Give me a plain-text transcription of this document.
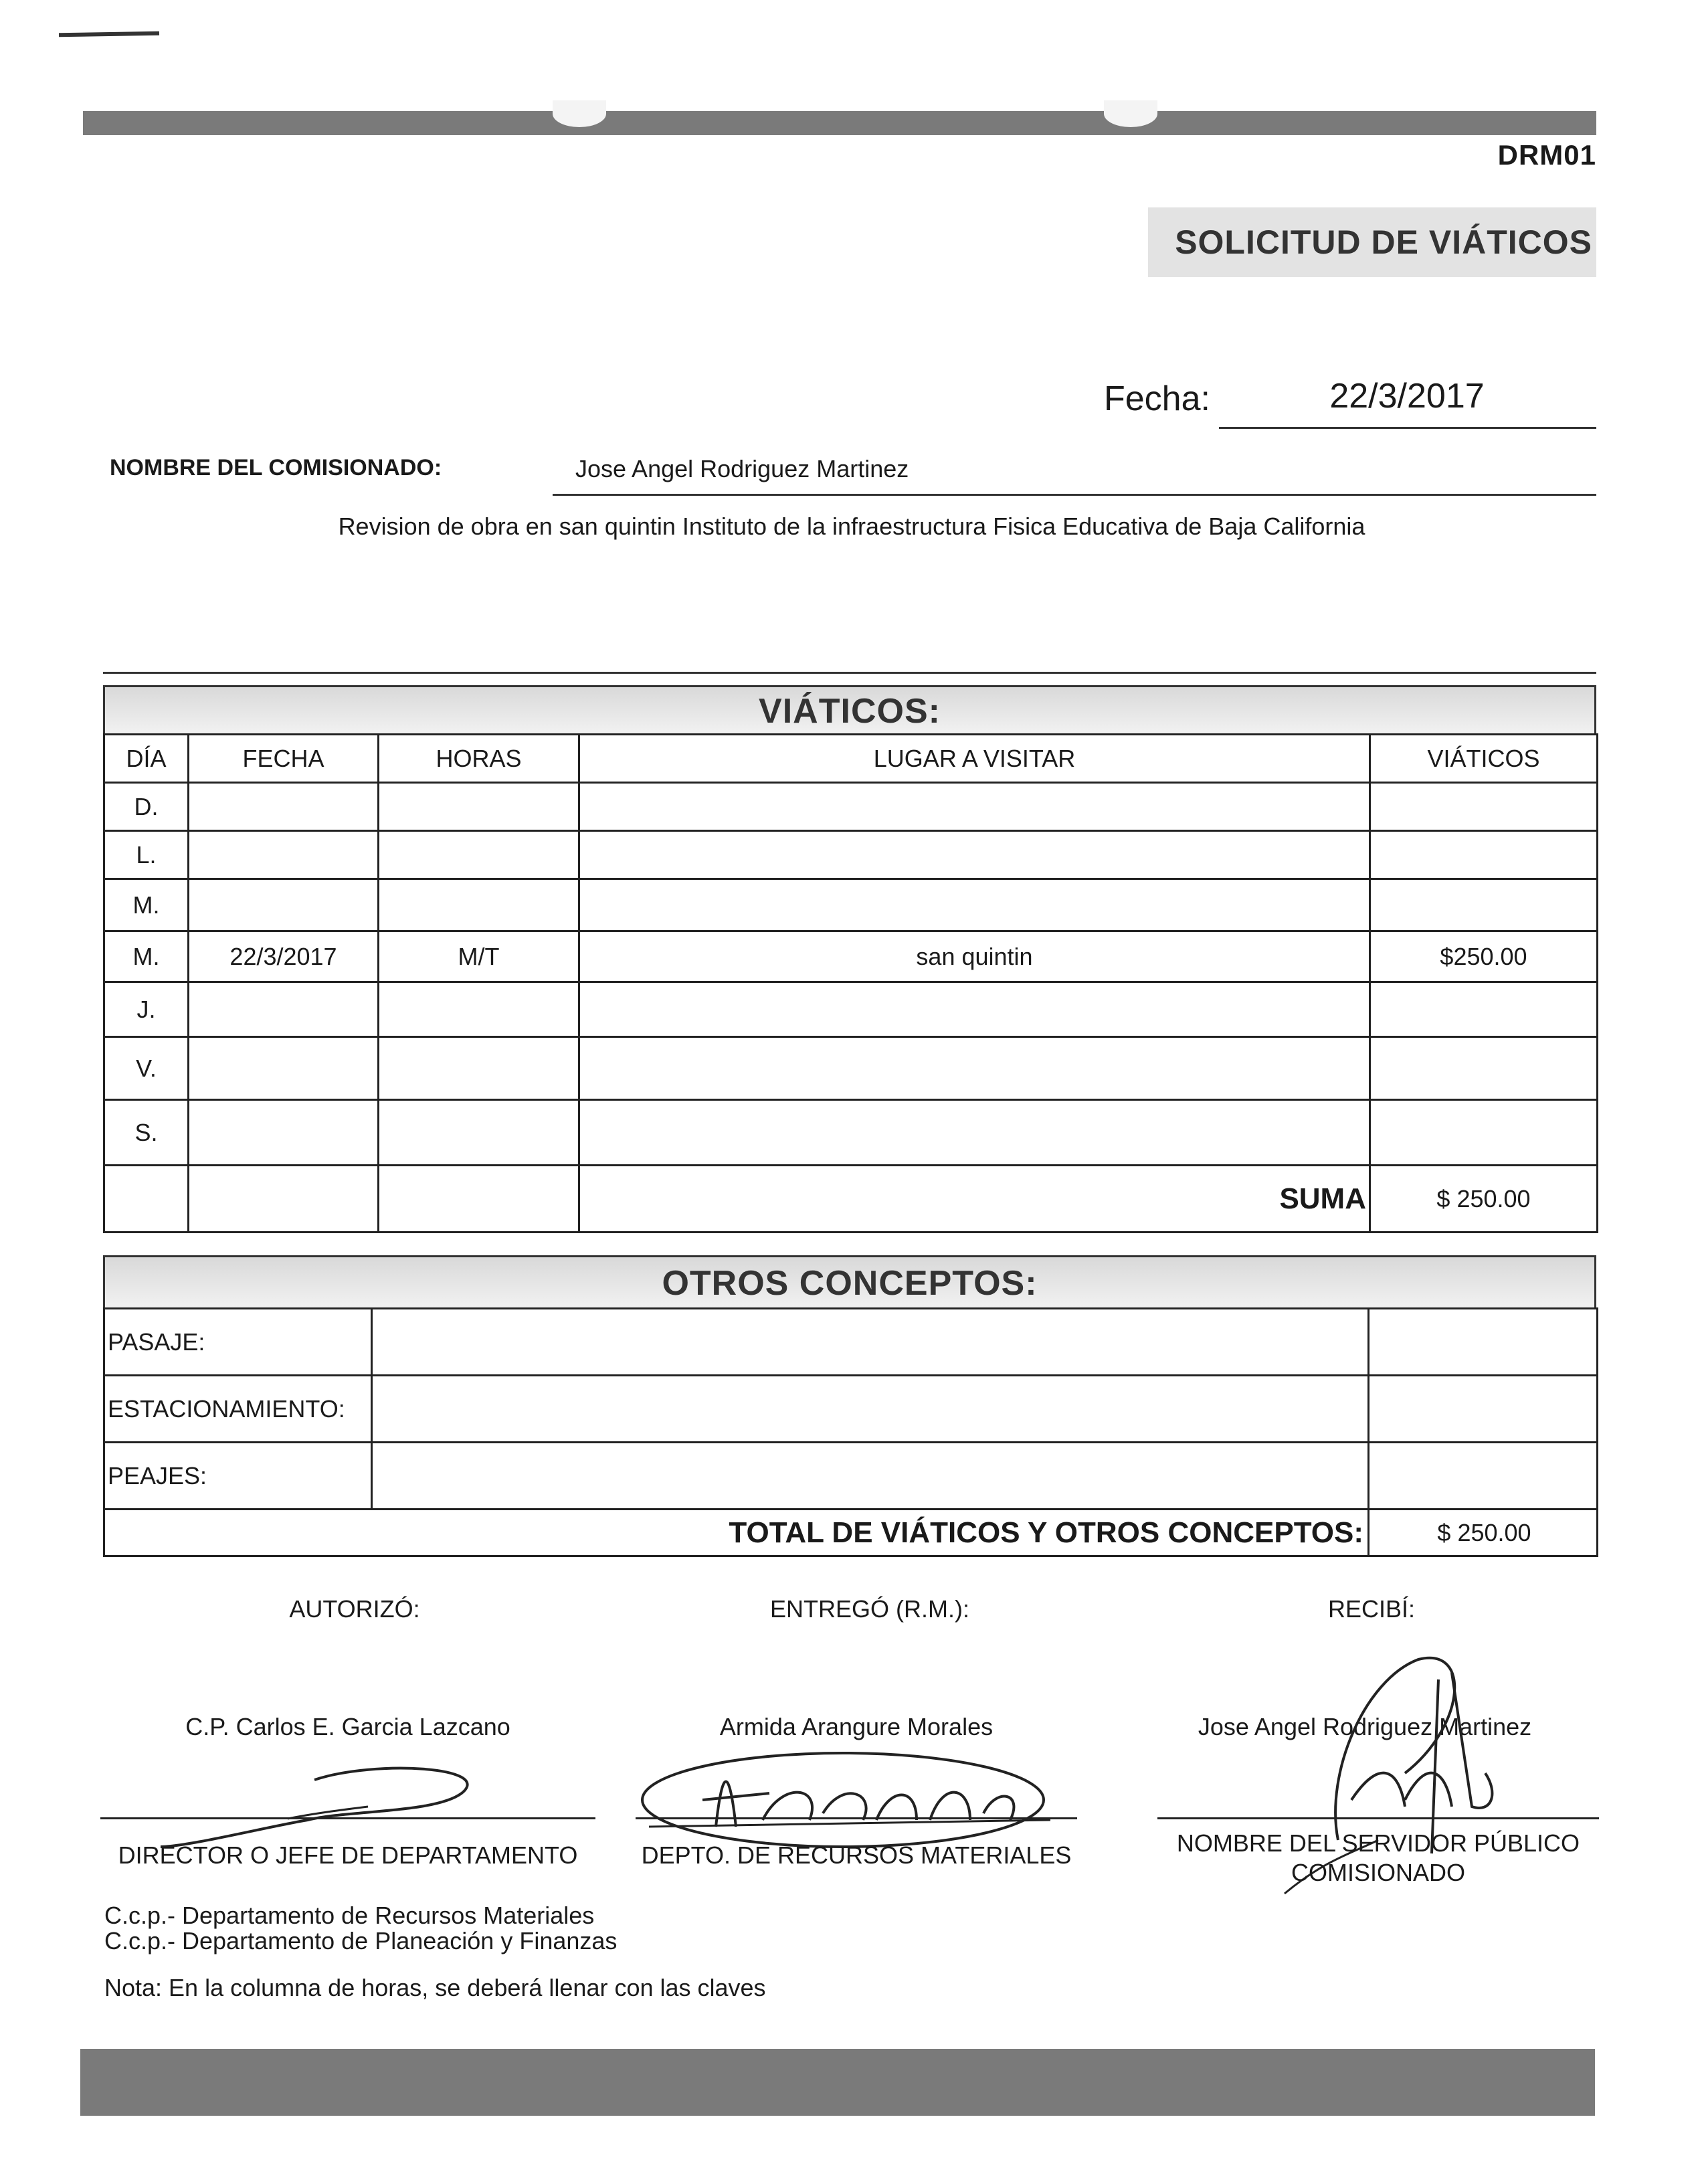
DRM01
SOLICITUD DE VIÁTICOS
Fecha:	22/3/2017
NOMBRE DEL COMISIONADO:	Jose Angel Rodriguez Martinez
Revision de obra en san quintin Instituto de la infraestructura Fisica Educativa de Baja California
VIÁTICOS:
DÍA	FECHA	HORAS	LUGAR A VISITAR	VIÁTICOS
D.				
L.				
M.				
M.	22/3/2017	M/T	san quintin	$250.00
J.				
V.				
S.				
			SUMA	$ 250.00
OTROS CONCEPTOS:
PASAJE:		
ESTACIONAMIENTO:		
PEAJES:		
TOTAL DE VIÁTICOS Y OTROS CONCEPTOS:		$ 250.00
AUTORIZÓ:	ENTREGÓ (R.M.):	RECIBÍ:
C.P. Carlos E. Garcia Lazcano	Armida Arangure Morales	Jose Angel Rodriguez Martinez
DIRECTOR O JEFE DE DEPARTAMENTO	DEPTO. DE RECURSOS MATERIALES	NOMBRE DEL SERVIDOR PÚBLICO
COMISIONADO
C.c.p.- Departamento de Recursos Materiales
C.c.p.- Departamento de Planeación y Finanzas
Nota: En la columna de horas, se deberá llenar con las claves
